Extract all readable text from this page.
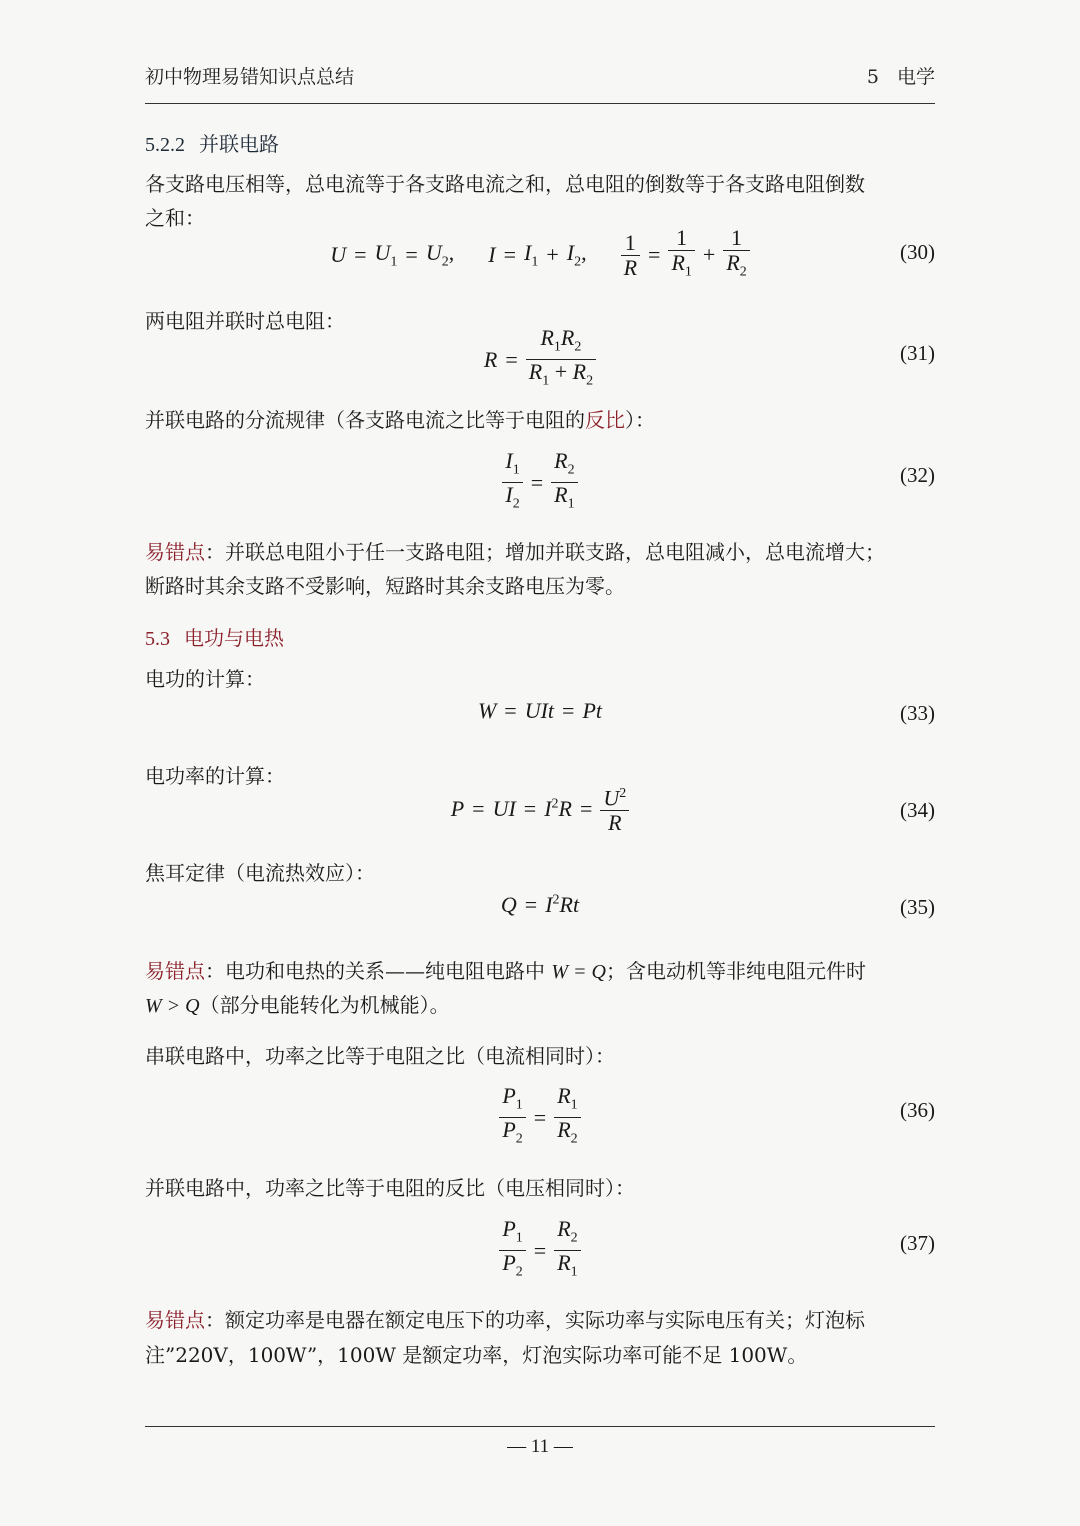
初中物理易错知识点总结	5 电学
5.2.2 并联电路
各支路电压相等，总电流等于各支路电流之和，总电阻的倒数等于各支路电阻倒数
之和：
$U = U_1 = U_2$, $I = I_1 + I_2$, $\frac{1}{R} = \frac{1}{R_1} + \frac{1}{R_2}$	(30)
两电阻并联时总电阻：
$R = \frac{R_1R_2}{R_1 + R_2}$	(31)
并联电路的分流规律（各支路电流之比等于电阻的反比）：
$\frac{I_1}{I_2} = \frac{R_2}{R_1}$	(32)
易错点：并联总电阻小于任一支路电阻；增加并联支路，总电阻减小，总电流增大；
断路时其余支路不受影响，短路时其余支路电压为零。
5.3 电功与电热
电功的计算：
W = UIt = Pt	(33)
电功率的计算：
P = UI = $I^2R = \frac{U^2}{R}$	(34)
焦耳定律（电流热效应）：
$Q = I^2Rt$	(35)
易错点：电功和电热的关系——纯电阻电路中 W = Q；含电动机等非纯电阻元件时
W > Q（部分电能转化为机械能）。
串联电路中，功率之比等于电阻之比（电流相同时）：
$\frac{P_1}{P_2} = \frac{R_1}{R_2}$	(36)
并联电路中，功率之比等于电阻的反比（电压相同时）：
$\frac{P_1}{P_2} = \frac{R_2}{R_1}$	(37)
易错点：额定功率是电器在额定电压下的功率，实际功率与实际电压有关；灯泡标
注”220V，100W”，100W 是额定功率，灯泡实际功率可能不足 100W。
— 11 —
